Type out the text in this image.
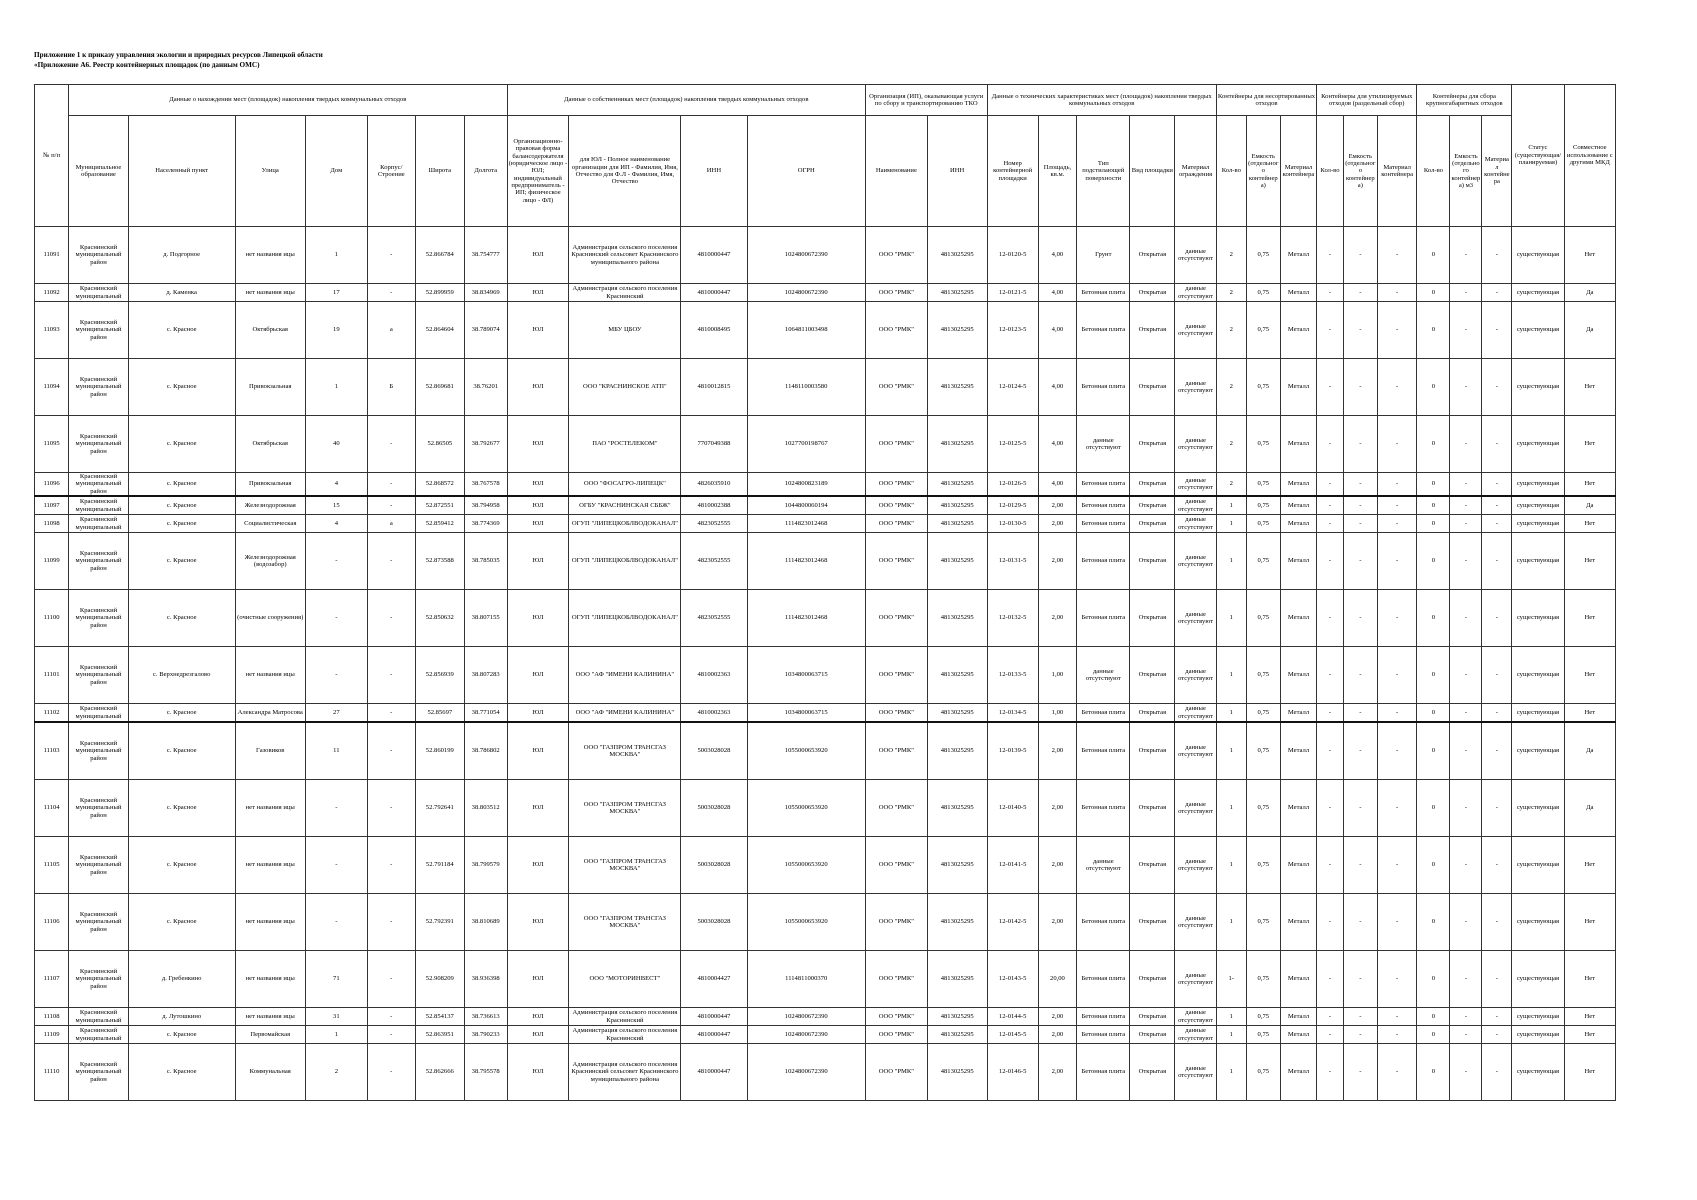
Приложение 1 к приказу управления экологии и природных ресурсов Липецкой области
«Приложение А6. Реестр контейнерных площадок (по данным ОМС)
№ п/п	Данные о нахождении мест (площадок) накопления твердых коммунальных отходов							Данные о собственниках мест (площадок) накопления твердых коммунальных отходов				Организация (ИП), оказывающая услуги по сбору и транспортированию ТКО		Данные о технических характеристиках мест (площадок) накопления твердых коммунальных отходов					Контейнеры для несортированных отходов			Контейнеры для утилизируемых отходов (раздельный сбор)			Контейнеры для сбора крупногабаритных отходов			Статус (существующая/планируемая)	Совместное использование с другими МКД
	Муниципальное образование	Населенный пункт	Улица	Дом	Корпус/Строение	Широта	Долгота	Организационно-правовая форма балансодержателя (юридическое лицо - ЮЛ; индивидуальный предприниматель - ИП; физическое лицо - ФЛ)	для ЮЛ - Полное наименование организации для ИП - Фамилия, Имя, Отчество для Ф.Л - Фамилия, Имя, Отчество	ИНН	ОГРН	Наименование	ИНН	Номер контейнерной площадки	Площадь, кв.м.	Тип подстилающей поверхности	Вид площадки	Материал ограждения	Кол-во	Емкость (отдельного контейнера)	Материал контейнера	Кол-во	Емкость (отдельного контейнера)	Материал контейнера	Кол-во	Емкость (отдельного контейнера) м3	Материал контейнера		
11091	Краснинский муниципальный район	д. Подгорное	нет названия ицы	1	-	52.866784	38.754777	ЮЛ	Администрация сельского поселения Краснинский сельсовет Краснинского муниципального района	4810000447	1024800672390	ООО "РМК"	4813025295	12-0120-5	4,00	Грунт	Открытая	данные отсутствуют	2	0,75	Металл	-	-	-	0	-	-	существующая	Нет
11092	Краснинский муниципальный	д. Каменка	нет названия ицы	17	-	52.899959	38.834969	ЮЛ	Администрация сельского поселения Краснинский	4810000447	1024800672390	ООО "РМК"	4813025295	12-0121-5	4,00	Бетонная плита	Открытая	данные отсутствуют	2	0,75	Металл	-	-	-	0	-	-	существующая	Да
11093	Краснинский муниципальный район	с. Красное	Октябрьская	19	а	52.864604	38.789074	ЮЛ	МБУ ЦБОУ	4810008495	1064811003498	ООО "РМК"	4813025295	12-0123-5	4,00	Бетонная плита	Открытая	данные отсутствуют	2	0,75	Металл	-	-	-	0	-	-	существующая	Да
11094	Краснинский муниципальный район	с. Красное	Привокзальная	1	Б	52.869681	38.76201	ЮЛ	ООО "КРАСНИНСКОЕ АТП"	4810012815	1148110003580	ООО "РМК"	4813025295	12-0124-5	4,00	Бетонная плита	Открытая	данные отсутствуют	2	0,75	Металл	-	-	-	0	-	-	существующая	Нет
11095	Краснинский муниципальный район	с. Красное	Октябрьская	40	-	52.86505	38.792677	ЮЛ	ПАО "РОСТЕЛЕКОМ"	7707049388	1027700198767	ООО "РМК"	4813025295	12-0125-5	4,00	данные отсутствуют	Открытая	данные отсутствуют	2	0,75	Металл	-	-	-	0	-	-	существующая	Нет
11096	Краснинский муниципальный район	с. Красное	Привокзальная	4	-	52.868572	38.767578	ЮЛ	ООО "ФОСАГРО-ЛИПЕЦК"	4826035910	1024800823189	ООО "РМК"	4813025295	12-0126-5	4,00	Бетонная плита	Открытая	данные отсутствуют	2	0,75	Металл	-	-	-	0	-	-	существующая	Нет
11097	Краснинский муниципальный	с. Красное	Железнодорожная	15	-	52.872551	38.794958	ЮЛ	ОГБУ "КРАСНИНСКАЯ СББЖ"	4810002388	1044800060194	ООО "РМК"	4813025295	12-0129-5	2,00	Бетонная плита	Открытая	данные отсутствуют	1	0,75	Металл	-	-	-	0	-	-	существующая	Да
11098	Краснинский муниципальный	с. Красное	Социалистическая	4	а	52.859412	38.774369	ЮЛ	ОГУП "ЛИПЕЦКОБЛВОДОКАНАЛ"	4823052555	1114823012468	ООО "РМК"	4813025295	12-0130-5	2,00	Бетонная плита	Открытая	данные отсутствуют	1	0,75	Металл	-	-	-	0	-	-	существующая	Нет
11099	Краснинский муниципальный район	с. Красное	Железнодорожная (водозабор)	-	-	52.873588	38.785035	ЮЛ	ОГУП "ЛИПЕЦКОБЛВОДОКАНАЛ"	4823052555	1114823012468	ООО "РМК"	4813025295	12-0131-5	2,00	Бетонная плита	Открытая	данные отсутствуют	1	0,75	Металл	-	-	-	0	-	-	существующая	Нет
11100	Краснинский муниципальный район	с. Красное	(очистные сооружения)	-	-	52.850632	38.807155	ЮЛ	ОГУП "ЛИПЕЦКОБЛВОДОКАНАЛ"	4823052555	1114823012468	ООО "РМК"	4813025295	12-0132-5	2,00	Бетонная плита	Открытая	данные отсутствуют	1	0,75	Металл	-	-	-	0	-	-	существующая	Нет
11101	Краснинский муниципальный район	с. Верхнедрезгалово	нет названия ицы	-	-	52.856939	38.807283	ЮЛ	ООО "АФ "ИМЕНИ КАЛИНИНА"	4810002363	1034800063715	ООО "РМК"	4813025295	12-0133-5	1,00	данные отсутствуют	Открытая	данные отсутствуют	1	0,75	Металл	-	-	-	0	-	-	существующая	Нет
11102	Краснинский муниципальный	с. Красное	Александра Матросова	27	-	52.85697	38.771054	ЮЛ	ООО "АФ "ИМЕНИ КАЛИНИНА"	4810002363	1034800063715	ООО "РМК"	4813025295	12-0134-5	1,00	Бетонная плита	Открытая	данные отсутствуют	1	0,75	Металл	-	-	-	0	-	-	существующая	Нет
11103	Краснинский муниципальный район	с. Красное	Газовиков	11	-	52.860199	38.786802	ЮЛ	ООО "ГАЗПРОМ ТРАНСГАЗ МОСКВА"	5003028028	1055000653920	ООО "РМК"	4813025295	12-0139-5	2,00	Бетонная плита	Открытая	данные отсутствуют	1	0,75	Металл	-	-	-	0	-	-	существующая	Да
11104	Краснинский муниципальный район	с. Красное	нет названия ицы	-	-	52.792641	38.803512	ЮЛ	ООО "ГАЗПРОМ ТРАНСГАЗ МОСКВА"	5003028028	1055000653920	ООО "РМК"	4813025295	12-0140-5	2,00	Бетонная плита	Открытая	данные отсутствуют	1	0,75	Металл	-	-	-	0	-	-	существующая	Да
11105	Краснинский муниципальный район	с. Красное	нет названия ицы	-	-	52.791184	38.799579	ЮЛ	ООО "ГАЗПРОМ ТРАНСГАЗ МОСКВА"	5003028028	1055000653920	ООО "РМК"	4813025295	12-0141-5	2,00	данные отсутствуют	Открытая	данные отсутствуют	1	0,75	Металл	-	-	-	0	-	-	существующая	Нет
11106	Краснинский муниципальный район	с. Красное	нет названия ицы	-	-	52.792391	38.810689	ЮЛ	ООО "ГАЗПРОМ ТРАНСГАЗ МОСКВА"	5003028028	1055000653920	ООО "РМК"	4813025295	12-0142-5	2,00	Бетонная плита	Открытая	данные отсутствуют	1	0,75	Металл	-	-	-	0	-	-	существующая	Нет
11107	Краснинский муниципальный район	д. Гребенкино	нет названия ицы	71	-	52.908209	38.936398	ЮЛ	ООО "МОТОРИНВЕСТ"	4810004427	1114811000370	ООО "РМК"	4813025295	12-0143-5	20,00	Бетонная плита	Открытая	данные отсутствуют	1-	0,75	Металл	-	-	-	0	-	-	существующая	Нет
11108	Краснинский муниципальный	д. Лутошкино	нет названия ицы	31	-	52.854137	38.736613	ЮЛ	Администрация сельского поселения Краснинский	4810000447	1024800672390	ООО "РМК"	4813025295	12-0144-5	2,00	Бетонная плита	Открытая	данные отсутствуют	1	0,75	Металл	-	-	-	0	-	-	существующая	Нет
11109	Краснинский муниципальный	с. Красное	Первомайская	1	-	52.863951	38.790233	ЮЛ	Администрация сельского поселения Краснинский	4810000447	1024800672390	ООО "РМК"	4813025295	12-0145-5	2,00	Бетонная плита	Открытая	данные отсутствуют	1	0,75	Металл	-	-	-	0	-	-	существующая	Нет
11110	Краснинский муниципальный район	с. Красное	Коммунальная	2	-	52.862666	38.795578	ЮЛ	Администрация сельского поселения Краснинский сельсовет Краснинского муниципального района	4810000447	1024800672390	ООО "РМК"	4813025295	12-0146-5	2,00	Бетонная плита	Открытая	данные отсутствуют	1	0,75	Металл	-	-	-	0	-	-	существующая	Нет
